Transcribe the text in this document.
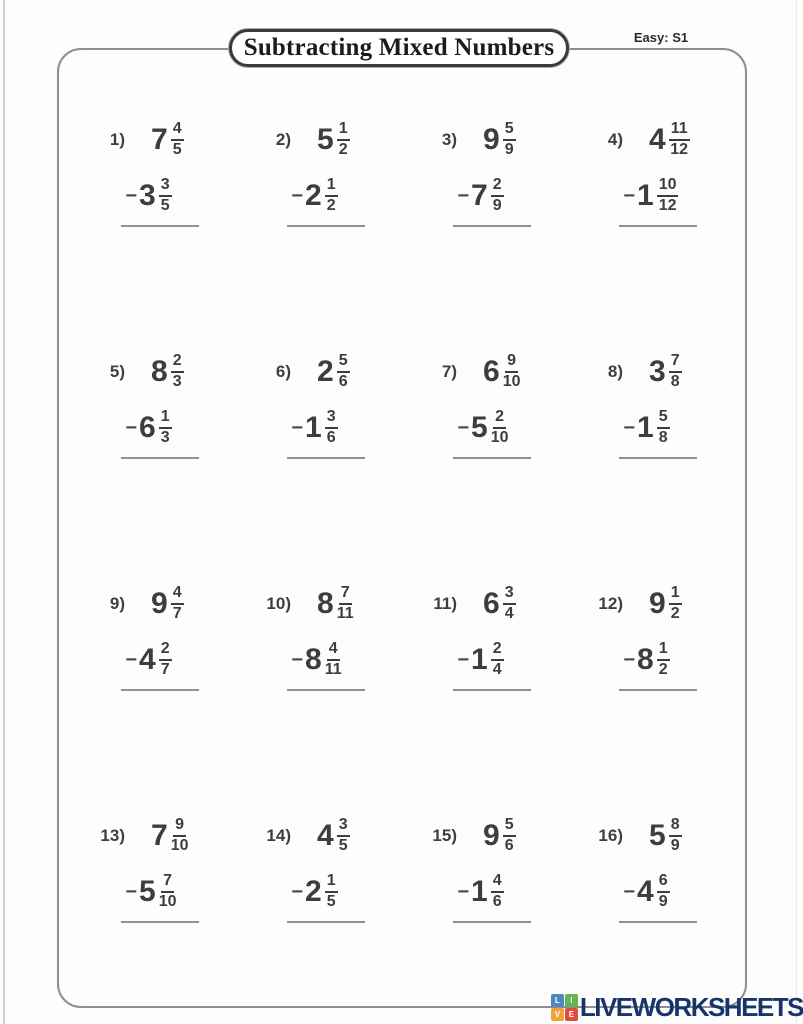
Subtracting Mixed Numbers	Easy: S1
1) $7 \frac{4}{5}$
− $3 \frac{3}{5}$
2) $5 \frac{1}{2}$
− $2 \frac{1}{2}$
3) $9 \frac{5}{9}$
− $7 \frac{2}{9}$
4) $4 \frac{11}{12}$
− $1 \frac{10}{12}$
5) $8 \frac{2}{3}$
− $6 \frac{1}{3}$
6) $2 \frac{5}{6}$
− $1 \frac{3}{6}$
7) $6 \frac{9}{10}$
− $5 \frac{2}{10}$
8) $3 \frac{7}{8}$
− $1 \frac{5}{8}$
9) $9 \frac{4}{7}$
− $4 \frac{2}{7}$
10) $8 \frac{7}{11}$
− $8 \frac{4}{11}$
11) $6 \frac{3}{4}$
− $1 \frac{2}{4}$
12) $9 \frac{1}{2}$
− $8 \frac{1}{2}$
13) $7 \frac{9}{10}$
− $5 \frac{7}{10}$
14) $4 \frac{3}{5}$
− $2 \frac{1}{5}$
15) $9 \frac{5}{6}$
− $1 \frac{4}{6}$
16) $5 \frac{8}{9}$
− $4 \frac{6}{9}$
L	I
V	E LIVEWORKSHEETS
